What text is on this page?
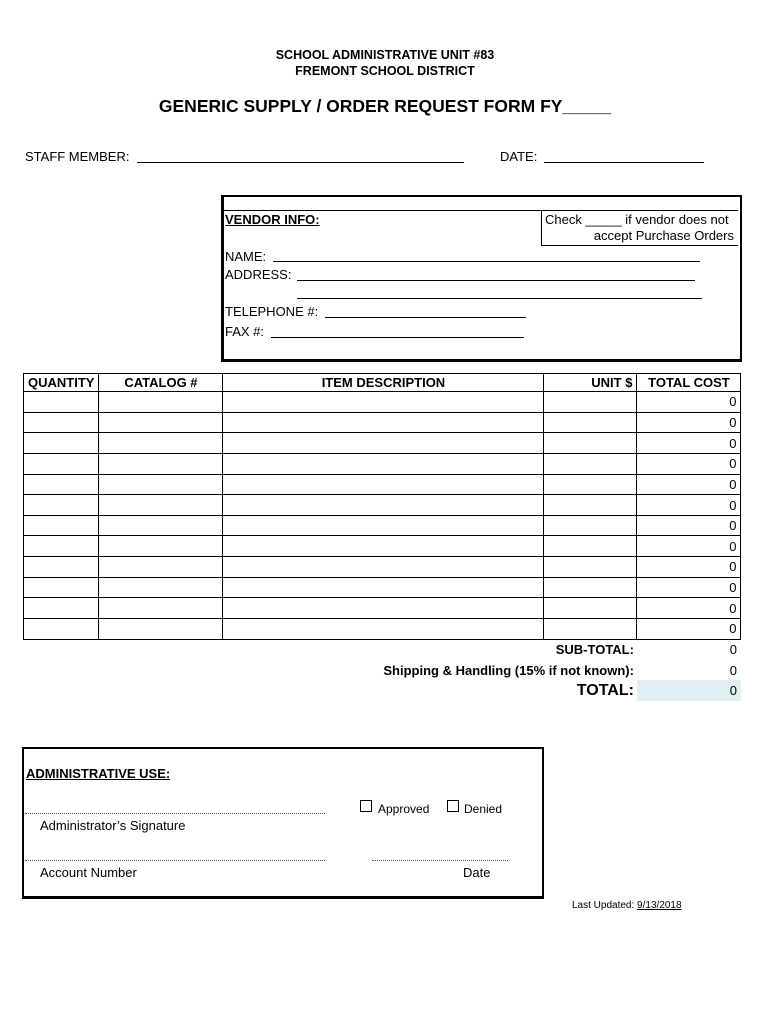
SCHOOL ADMINISTRATIVE UNIT #83
FREMONT SCHOOL DISTRICT
GENERIC SUPPLY / ORDER REQUEST FORM FY_____
STAFF MEMBER:	DATE:
VENDOR INFO:	Check _____ if vendor does not
accept Purchase Orders
NAME:
ADDRESS:
TELEPHONE #:
FAX #:
QUANTITY	CATALOG #	ITEM DESCRIPTION	UNIT $	TOTAL COST
				0
				0
				0
				0
				0
				0
				0
				0
				0
				0
				0
				0
SUB-TOTAL:				0
Shipping & Handling (15% if not known):				0
TOTAL:				0
ADMINISTRATIVE USE:
Approved	Denied
Administrator’s Signature
Account Number	Date
Last Updated: 9/13/2018
